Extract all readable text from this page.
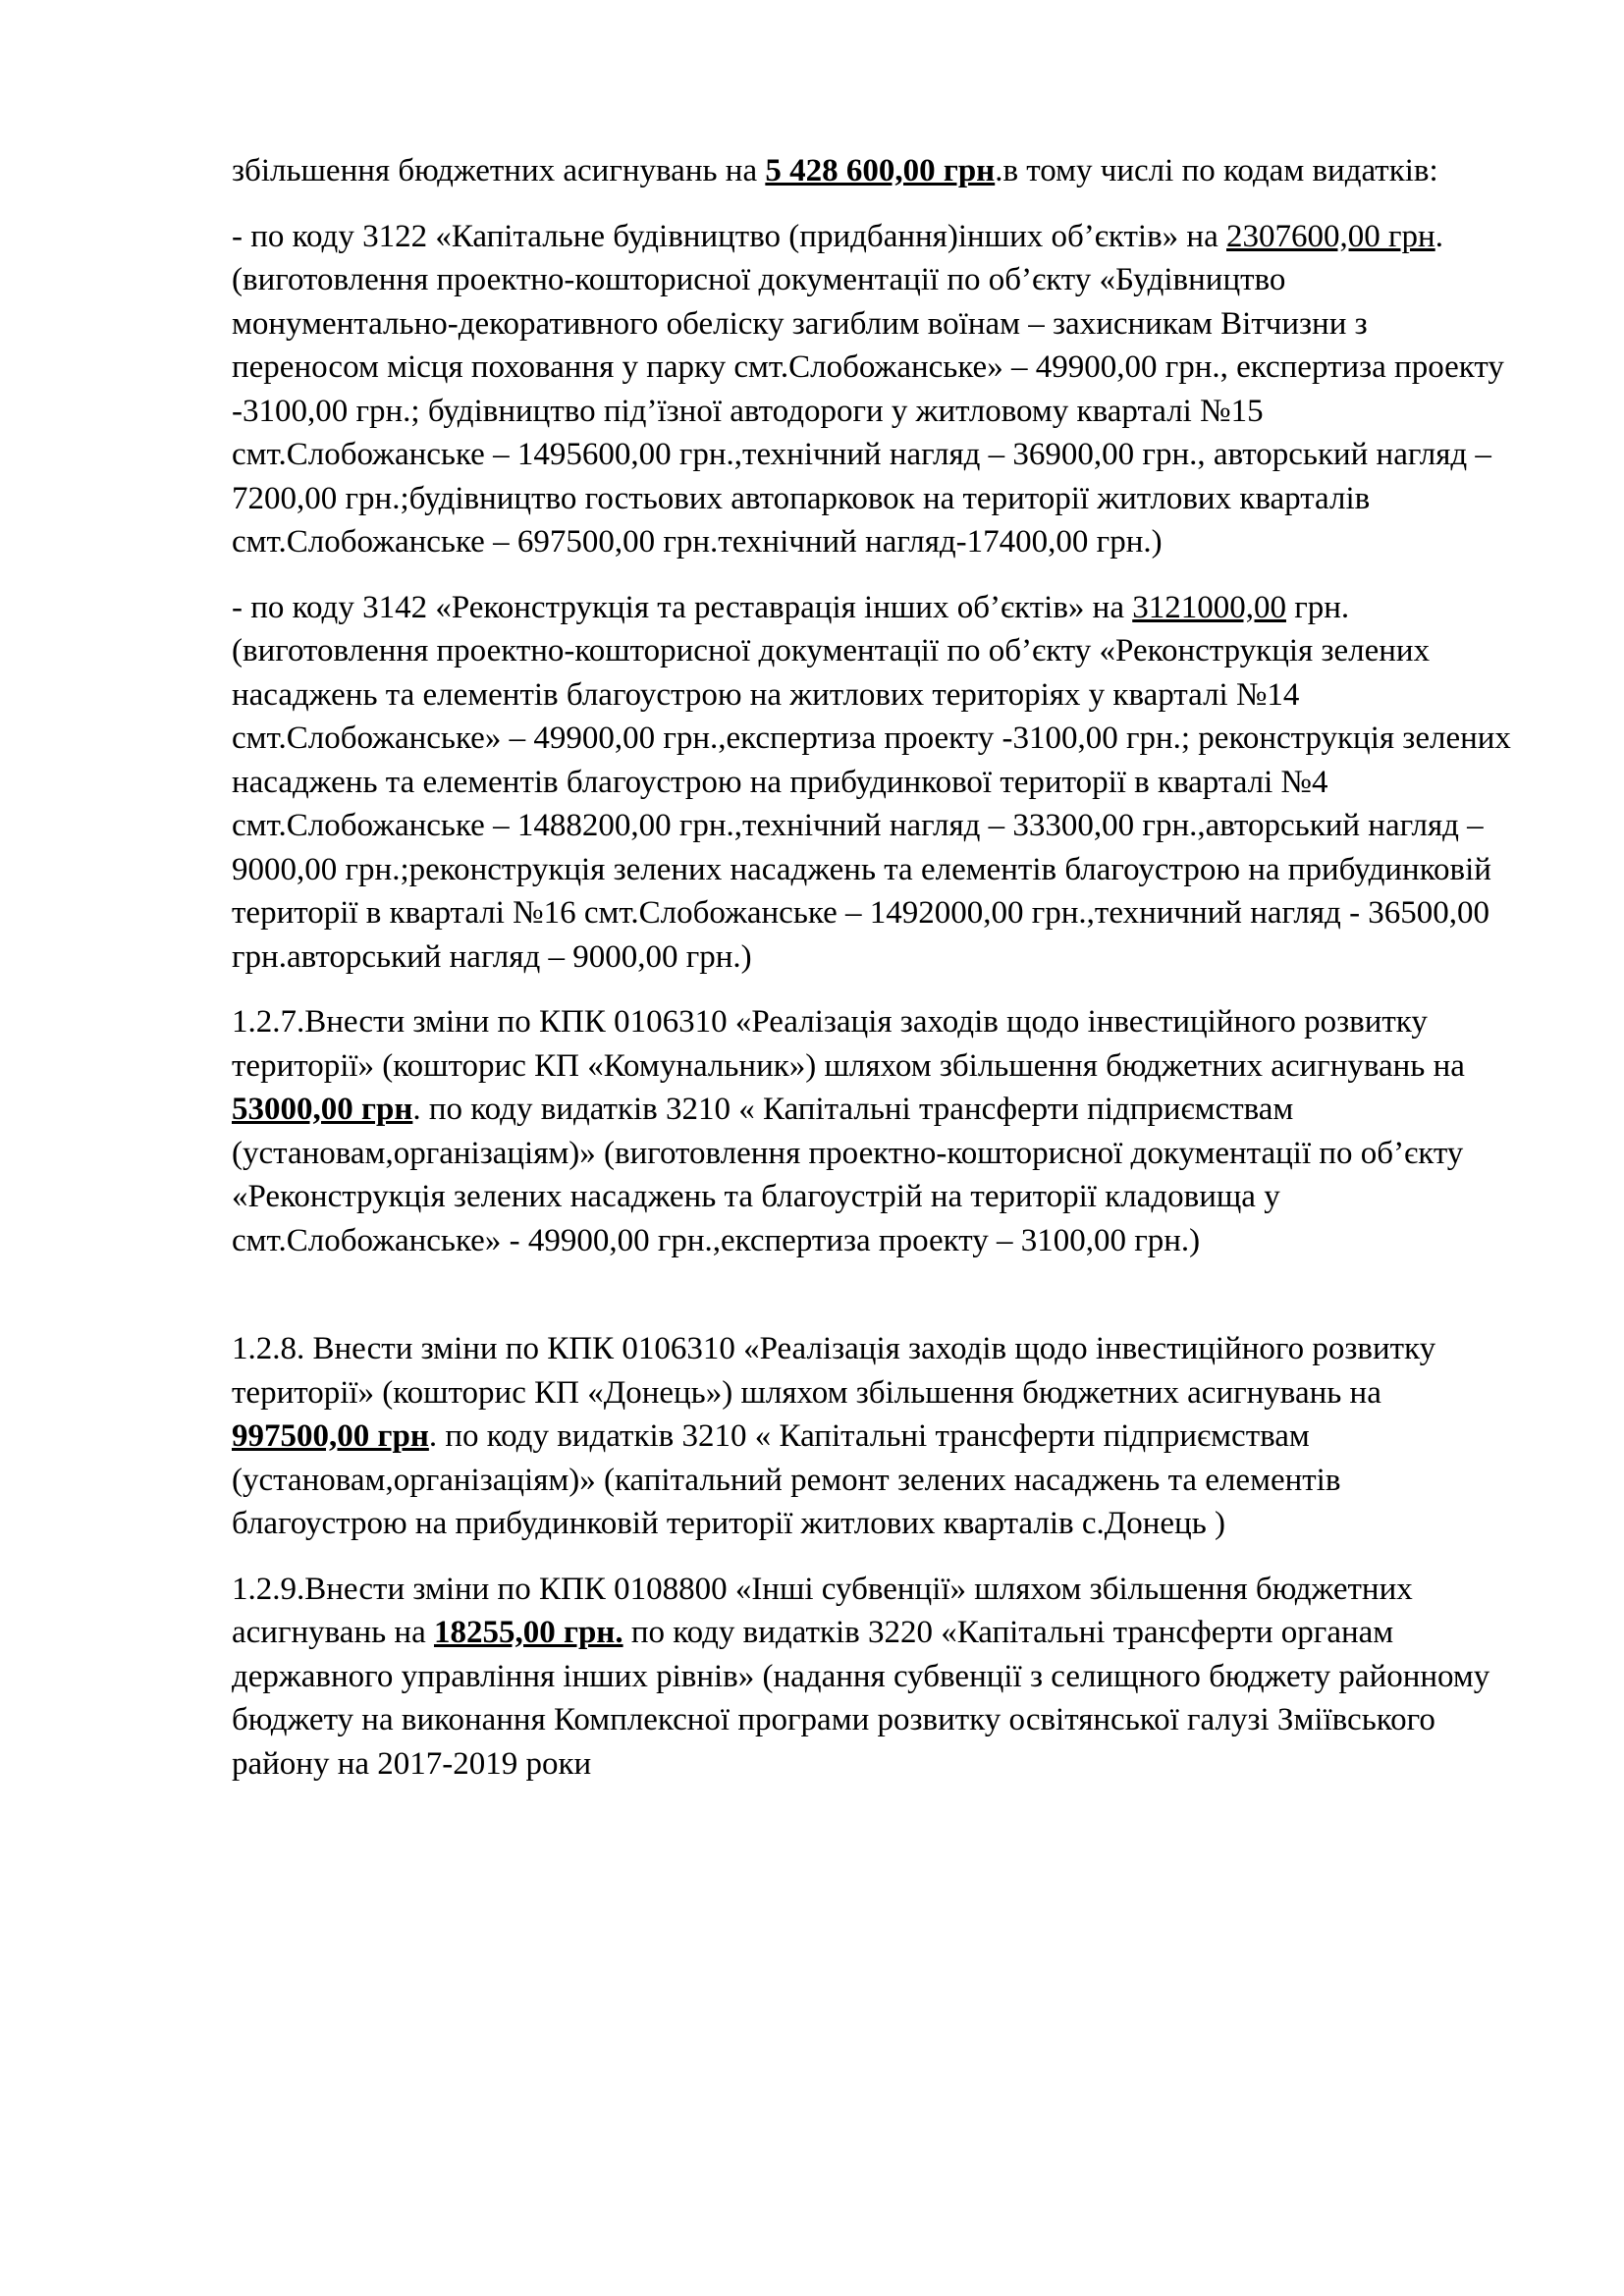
збільшення бюджетних асигнувань на 5 428 600,00 грн.в тому числі по кодам видатків:

- по коду 3122 «Капітальне будівництво (придбання)інших об’єктів» на 2307600,00 грн.(виготовлення проектно-кошторисної документації по об’єкту «Будівництво монументально-декоративного обеліску загиблим воїнам – захисникам Вітчизни з переносом місця поховання у парку смт.Слобожанське» – 49900,00 грн., експертиза проекту -3100,00 грн.; будівництво під’їзної автодороги у житловому кварталі №15 смт.Слобожанське – 1495600,00 грн.,технічний нагляд – 36900,00 грн., авторський нагляд – 7200,00 грн.;будівництво гостьових автопарковок на території житлових кварталів смт.Слобожанське – 697500,00 грн.технічний нагляд-17400,00 грн.)

- по коду 3142 «Реконструкція та реставрація інших об’єктів» на 3121000,00 грн.(виготовлення проектно-кошторисної документації по об’єкту «Реконструкція зелених насаджень та елементів благоустрою на житлових територіях у кварталі №14 смт.Слобожанське» – 49900,00 грн.,експертиза проекту -3100,00 грн.; реконструкція зелених насаджень та елементів благоустрою на прибудинкової території в кварталі №4 смт.Слобожанське – 1488200,00 грн.,технічний нагляд – 33300,00 грн.,авторський нагляд – 9000,00 грн.;реконструкція зелених насаджень та елементів благоустрою на прибудинковій території в кварталі №16 смт.Слобожанське – 1492000,00 грн.,техничний нагляд - 36500,00 грн.авторський нагляд – 9000,00 грн.)

1.2.7.Внести зміни по КПК 0106310 «Реалізація заходів щодо інвестиційного розвитку території» (кошторис КП «Комунальник») шляхом збільшення бюджетних асигнувань на 53000,00 грн. по коду видатків 3210 « Капітальні трансферти підприємствам (установам,організаціям)» (виготовлення проектно-кошторисної документації по об’єкту «Реконструкція зелених насаджень та благоустрій на території кладовища у смт.Слобожанське» - 49900,00 грн.,експертиза проекту – 3100,00 грн.)

1.2.8. Внести зміни по КПК 0106310 «Реалізація заходів щодо інвестиційного розвитку території» (кошторис КП «Донець») шляхом збільшення бюджетних асигнувань на 997500,00 грн. по коду видатків 3210 « Капітальні трансферти підприємствам (установам,організаціям)» (капітальний ремонт зелених насаджень та елементів благоустрою на прибудинковій території житлових кварталів с.Донець )

1.2.9.Внести зміни по КПК 0108800 «Інші субвенції» шляхом збільшення бюджетних асигнувань на 18255,00 грн. по коду видатків 3220 «Капітальні трансферти органам державного управління інших рівнів» (надання субвенції з селищного бюджету районному бюджету на виконання Комплексної програми розвитку освітянської галузі Зміївського району на 2017-2019 роки
